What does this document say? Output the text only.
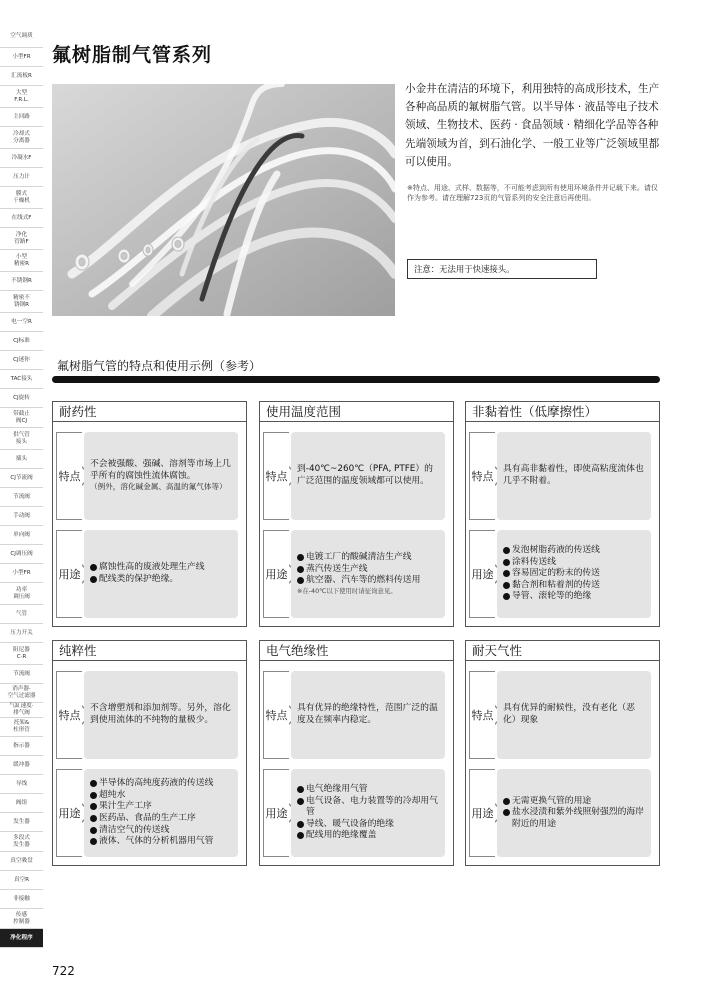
空气调质
小型FR
汇流板R
大型
F.R.L.
主回路
冷却式
分离器
冷凝水F
压力计
膜式
干燥机
在线式F
净化
管路F
小型
精密R
不锈钢R
精密不
锈钢R
电一空R
CJ标准
CJ迷你
TAC接头
CJ旋转
带截止
阀CJ
供气管
接头
插头
CJ节流阀
节流阀
手动阀
单向阀
CJ调压阀
小型FR
功率
调压阀
气管
压力开关
阻尼器
C·R
节流阀
消声器·
空气过滤器
气缸速度·
排气阀
托架&
柱形管
指示器
缓冲器
导线
阀组
发生器
多段式
发生器
真空吸盘
真空R
非接触
传感
控制器
净化程序
氟树脂制气管系列
小金井在清洁的环境下，利用独特的高成形技术，生产各种高品质的氟树脂气管。以半导体 · 液晶等电子技术领域、生物技术、医药 · 食品领域 · 精细化学品等各种先端领域为首，到石油化学、一般工业等广泛领域里都可以使用。
※特点、用途、式样、数据等，不可能考虑到所有使用环境条件并记载下来。请仅作为参考。请在理解723页的气管系列的安全注意后再使用。
注意：无法用于快速接头。
氟树脂气管的特点和使用示例（参考）
耐药性
特 点
不会被强酸、强碱、溶剂等市场上几乎所有的腐蚀性流体腐蚀。
（例外，溶化碱金属、高温的氟气体等）
用 途
腐蚀性高的废液处理生产线
配线类的保护绝缘。
使用温度范围
特 点
到-40℃~260℃（PFA, PTFE）的广泛范围的温度领域都可以使用。
用 途
电镀工厂的酸碱清洁生产线
蒸汽传送生产线
航空器、汽车等的燃料传送用
※在-40℃以下使用时请征询意见。
非黏着性（低摩擦性）
特 点
具有高非黏着性，即使高粘度流体也几乎不附着。
用 途
发泡树脂药液的传送线
涂料传送线
容易固定的粉末的传送
黏合剂和粘着剂的传送
导管、滚轮等的绝缘
纯粹性
特 点
不含增塑剂和添加剂等。另外，溶化到使用流体的不纯物的量极少。
用 途
半导体的高纯度药液的传送线
超纯水
果汁生产工序
医药品、食品的生产工序
清洁空气的传送线
液体、气体的分析机器用气管
电气绝缘性
特 点
具有优异的绝缘特性，范围广泛的温度及在频率内稳定。
用 途
电气绝缘用气管
电气设备、电力装置等的冷却用气管
导线、暖气设备的绝缘
配线用的绝缘覆盖
耐天气性
特 点
具有优异的耐候性，没有老化（恶化）现象
用 途
无需更换气管的用途
盐水浸渍和紫外线照射强烈的海岸附近的用途
722
